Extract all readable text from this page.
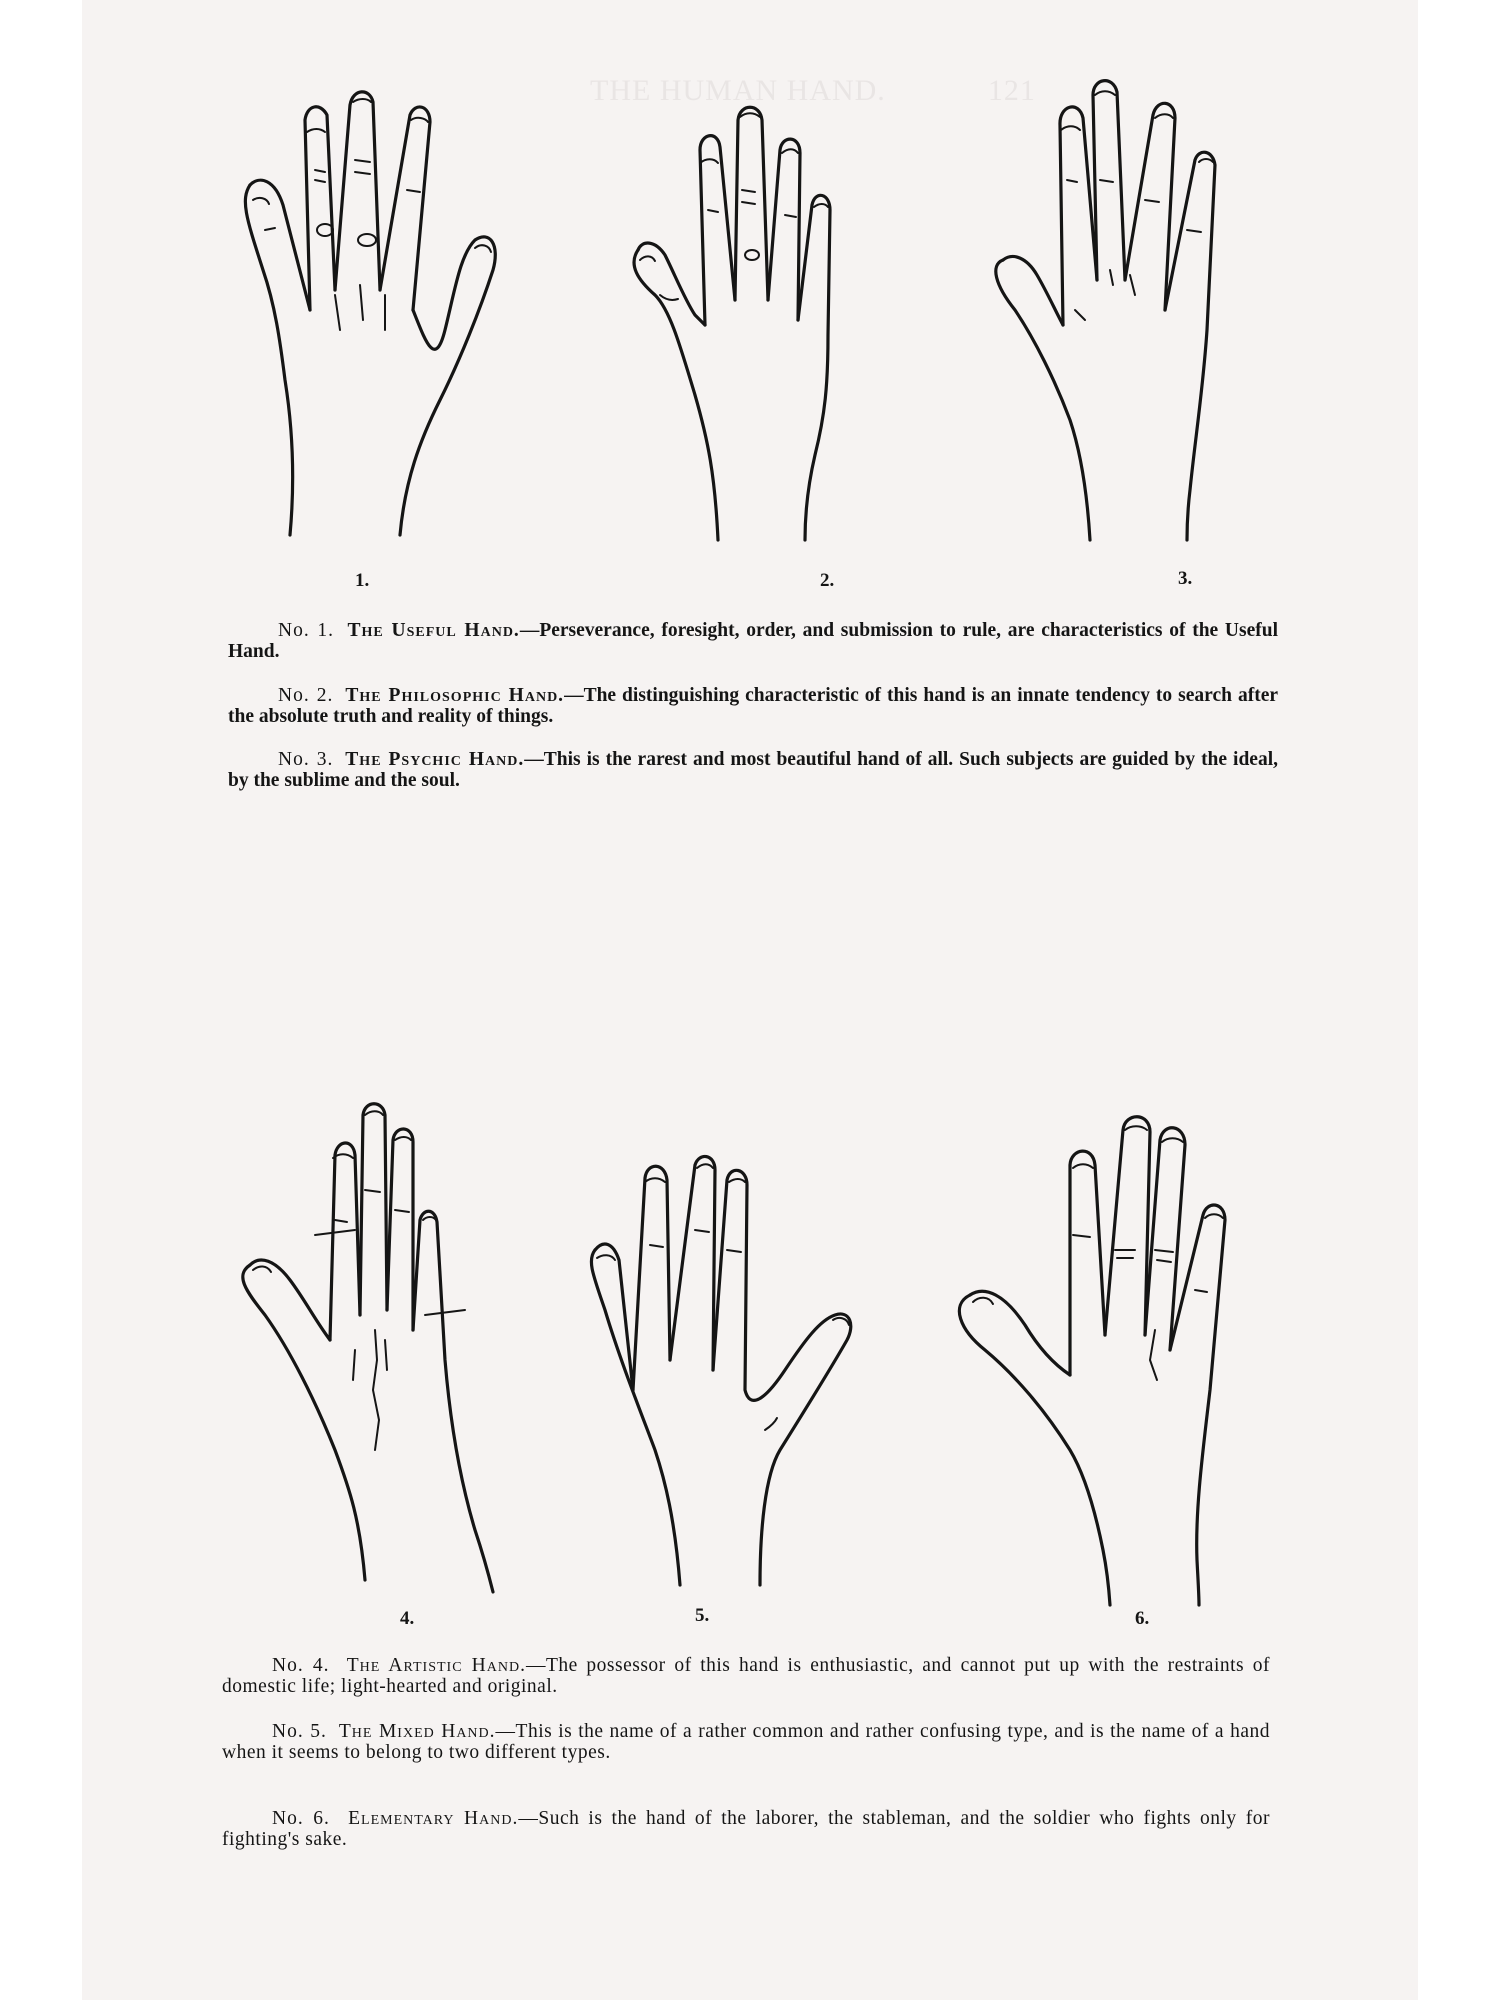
THE HUMAN HAND.	121
1.	2.	3.
No. 1. The Useful Hand.—Perseverance, foresight, order, and submission to rule, are characteristics of the Useful Hand.
No. 2. The Philosophic Hand.—The distinguishing characteristic of this hand is an innate tendency to search after the absolute truth and reality of things.
No. 3. The Psychic Hand.—This is the rarest and most beautiful hand of all. Such subjects are guided by the ideal, by the sublime and the soul.
4.	5.	6.
No. 4. The Artistic Hand.—The possessor of this hand is enthusiastic, and cannot put up with the restraints of domestic life; light-hearted and original.
No. 5. The Mixed Hand.—This is the name of a rather common and rather confusing type, and is the name of a hand when it seems to belong to two different types.
No. 6. Elementary Hand.—Such is the hand of the laborer, the stableman, and the soldier who fights only for fighting's sake.
